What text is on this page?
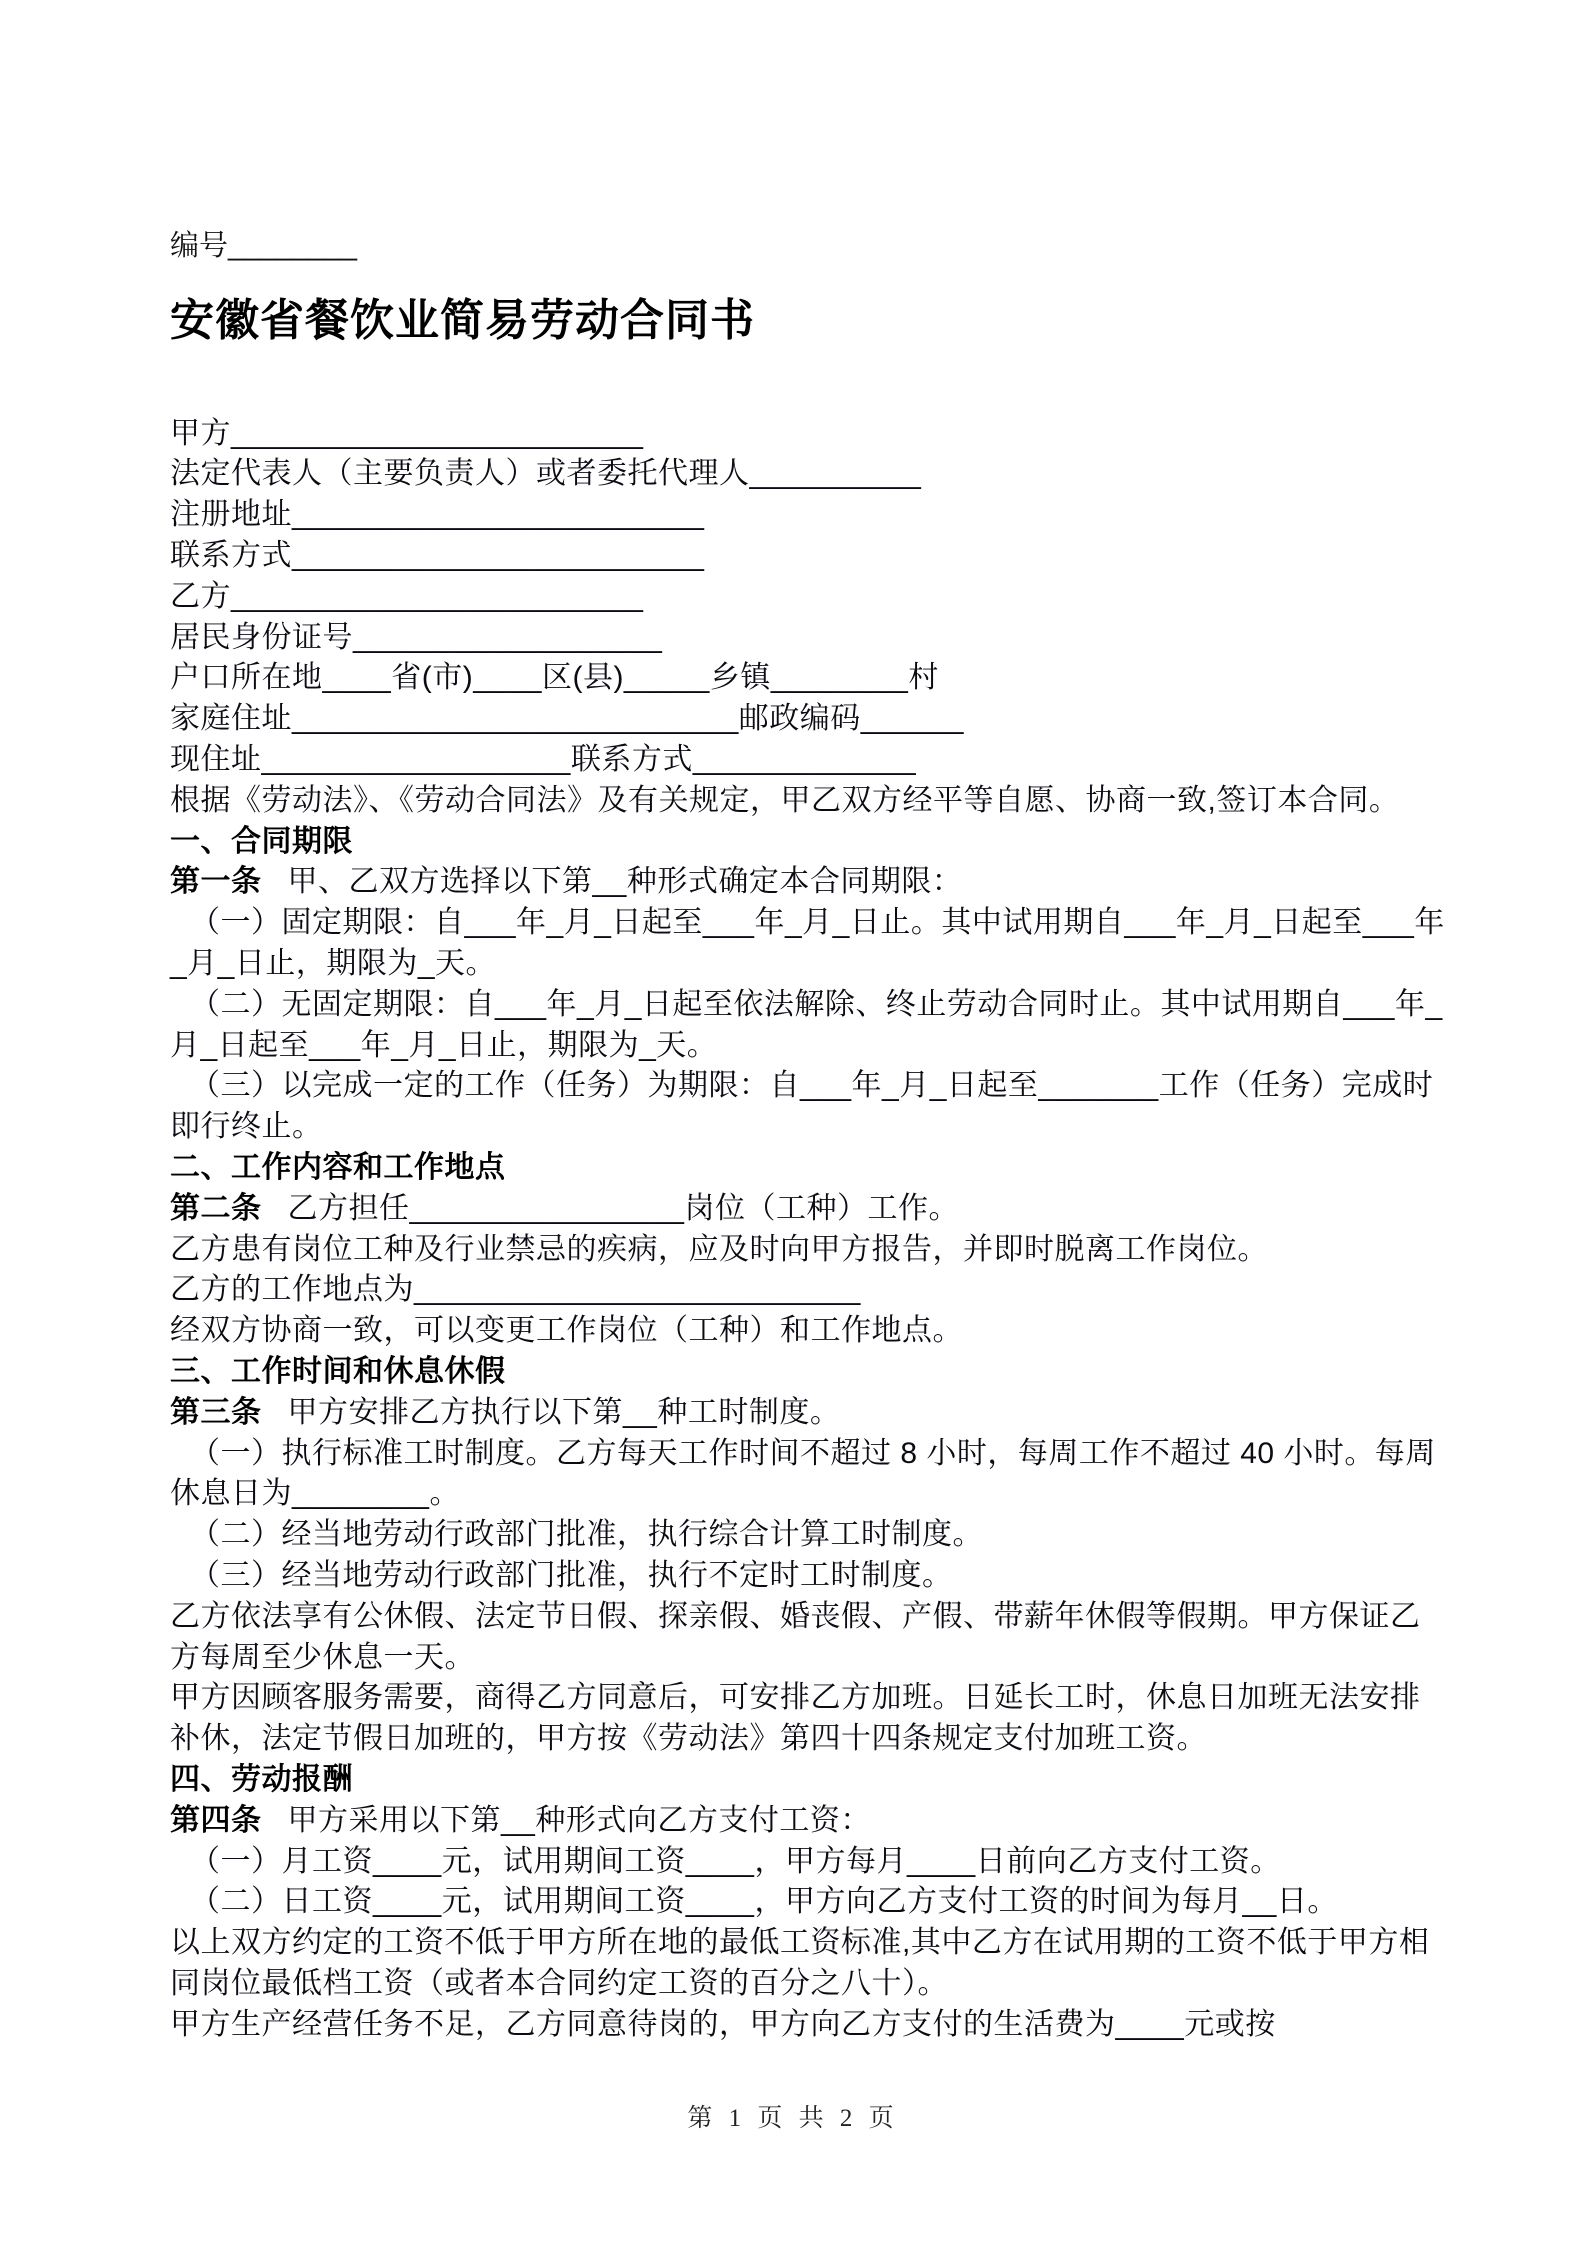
编号________

安徽省餐饮业简易劳动合同书

甲方________________________

法定代表人（主要负责人）或者委托代理人__________

注册地址________________________

联系方式________________________

乙方________________________

居民身份证号__________________

户口所在地____省(市)____区(县)_____乡镇________村

家庭住址__________________________邮政编码______

现住址__________________联系方式_____________

根据《劳动法》、《劳动合同法》及有关规定，甲乙双方经平等自愿、协商一致,签订本合同。

一、合同期限

第一条 甲、乙双方选择以下第__种形式确定本合同期限：

（一）固定期限：自___年_月_日起至___年_月_日止。其中试用期自___年_月_日起至___年_月_日止，期限为_天。

（二）无固定期限：自___年_月_日起至依法解除、终止劳动合同时止。其中试用期自___年_月_日起至___年_月_日止，期限为_天。

（三）以完成一定的工作（任务）为期限：自___年_月_日起至_______工作（任务）完成时即行终止。

二、工作内容和工作地点

第二条 乙方担任________________岗位（工种）工作。

乙方患有岗位工种及行业禁忌的疾病，应及时向甲方报告，并即时脱离工作岗位。

乙方的工作地点为__________________________

经双方协商一致，可以变更工作岗位（工种）和工作地点。

三、工作时间和休息休假

第三条 甲方安排乙方执行以下第__种工时制度。

（一）执行标准工时制度。乙方每天工作时间不超过 8 小时，每周工作不超过 40 小时。每周休息日为________。

（二）经当地劳动行政部门批准，执行综合计算工时制度。

（三）经当地劳动行政部门批准，执行不定时工时制度。

乙方依法享有公休假、法定节日假、探亲假、婚丧假、产假、带薪年休假等假期。甲方保证乙方每周至少休息一天。

甲方因顾客服务需要，商得乙方同意后，可安排乙方加班。日延长工时，休息日加班无法安排补休，法定节假日加班的，甲方按《劳动法》第四十四条规定支付加班工资。

四、劳动报酬

第四条 甲方采用以下第__种形式向乙方支付工资：

（一）月工资____元，试用期间工资____，甲方每月____日前向乙方支付工资。

（二）日工资____元，试用期间工资____，甲方向乙方支付工资的时间为每月__日。

以上双方约定的工资不低于甲方所在地的最低工资标准,其中乙方在试用期的工资不低于甲方相同岗位最低档工资（或者本合同约定工资的百分之八十）。

甲方生产经营任务不足，乙方同意待岗的，甲方向乙方支付的生活费为____元或按

第 1 页 共 2 页
